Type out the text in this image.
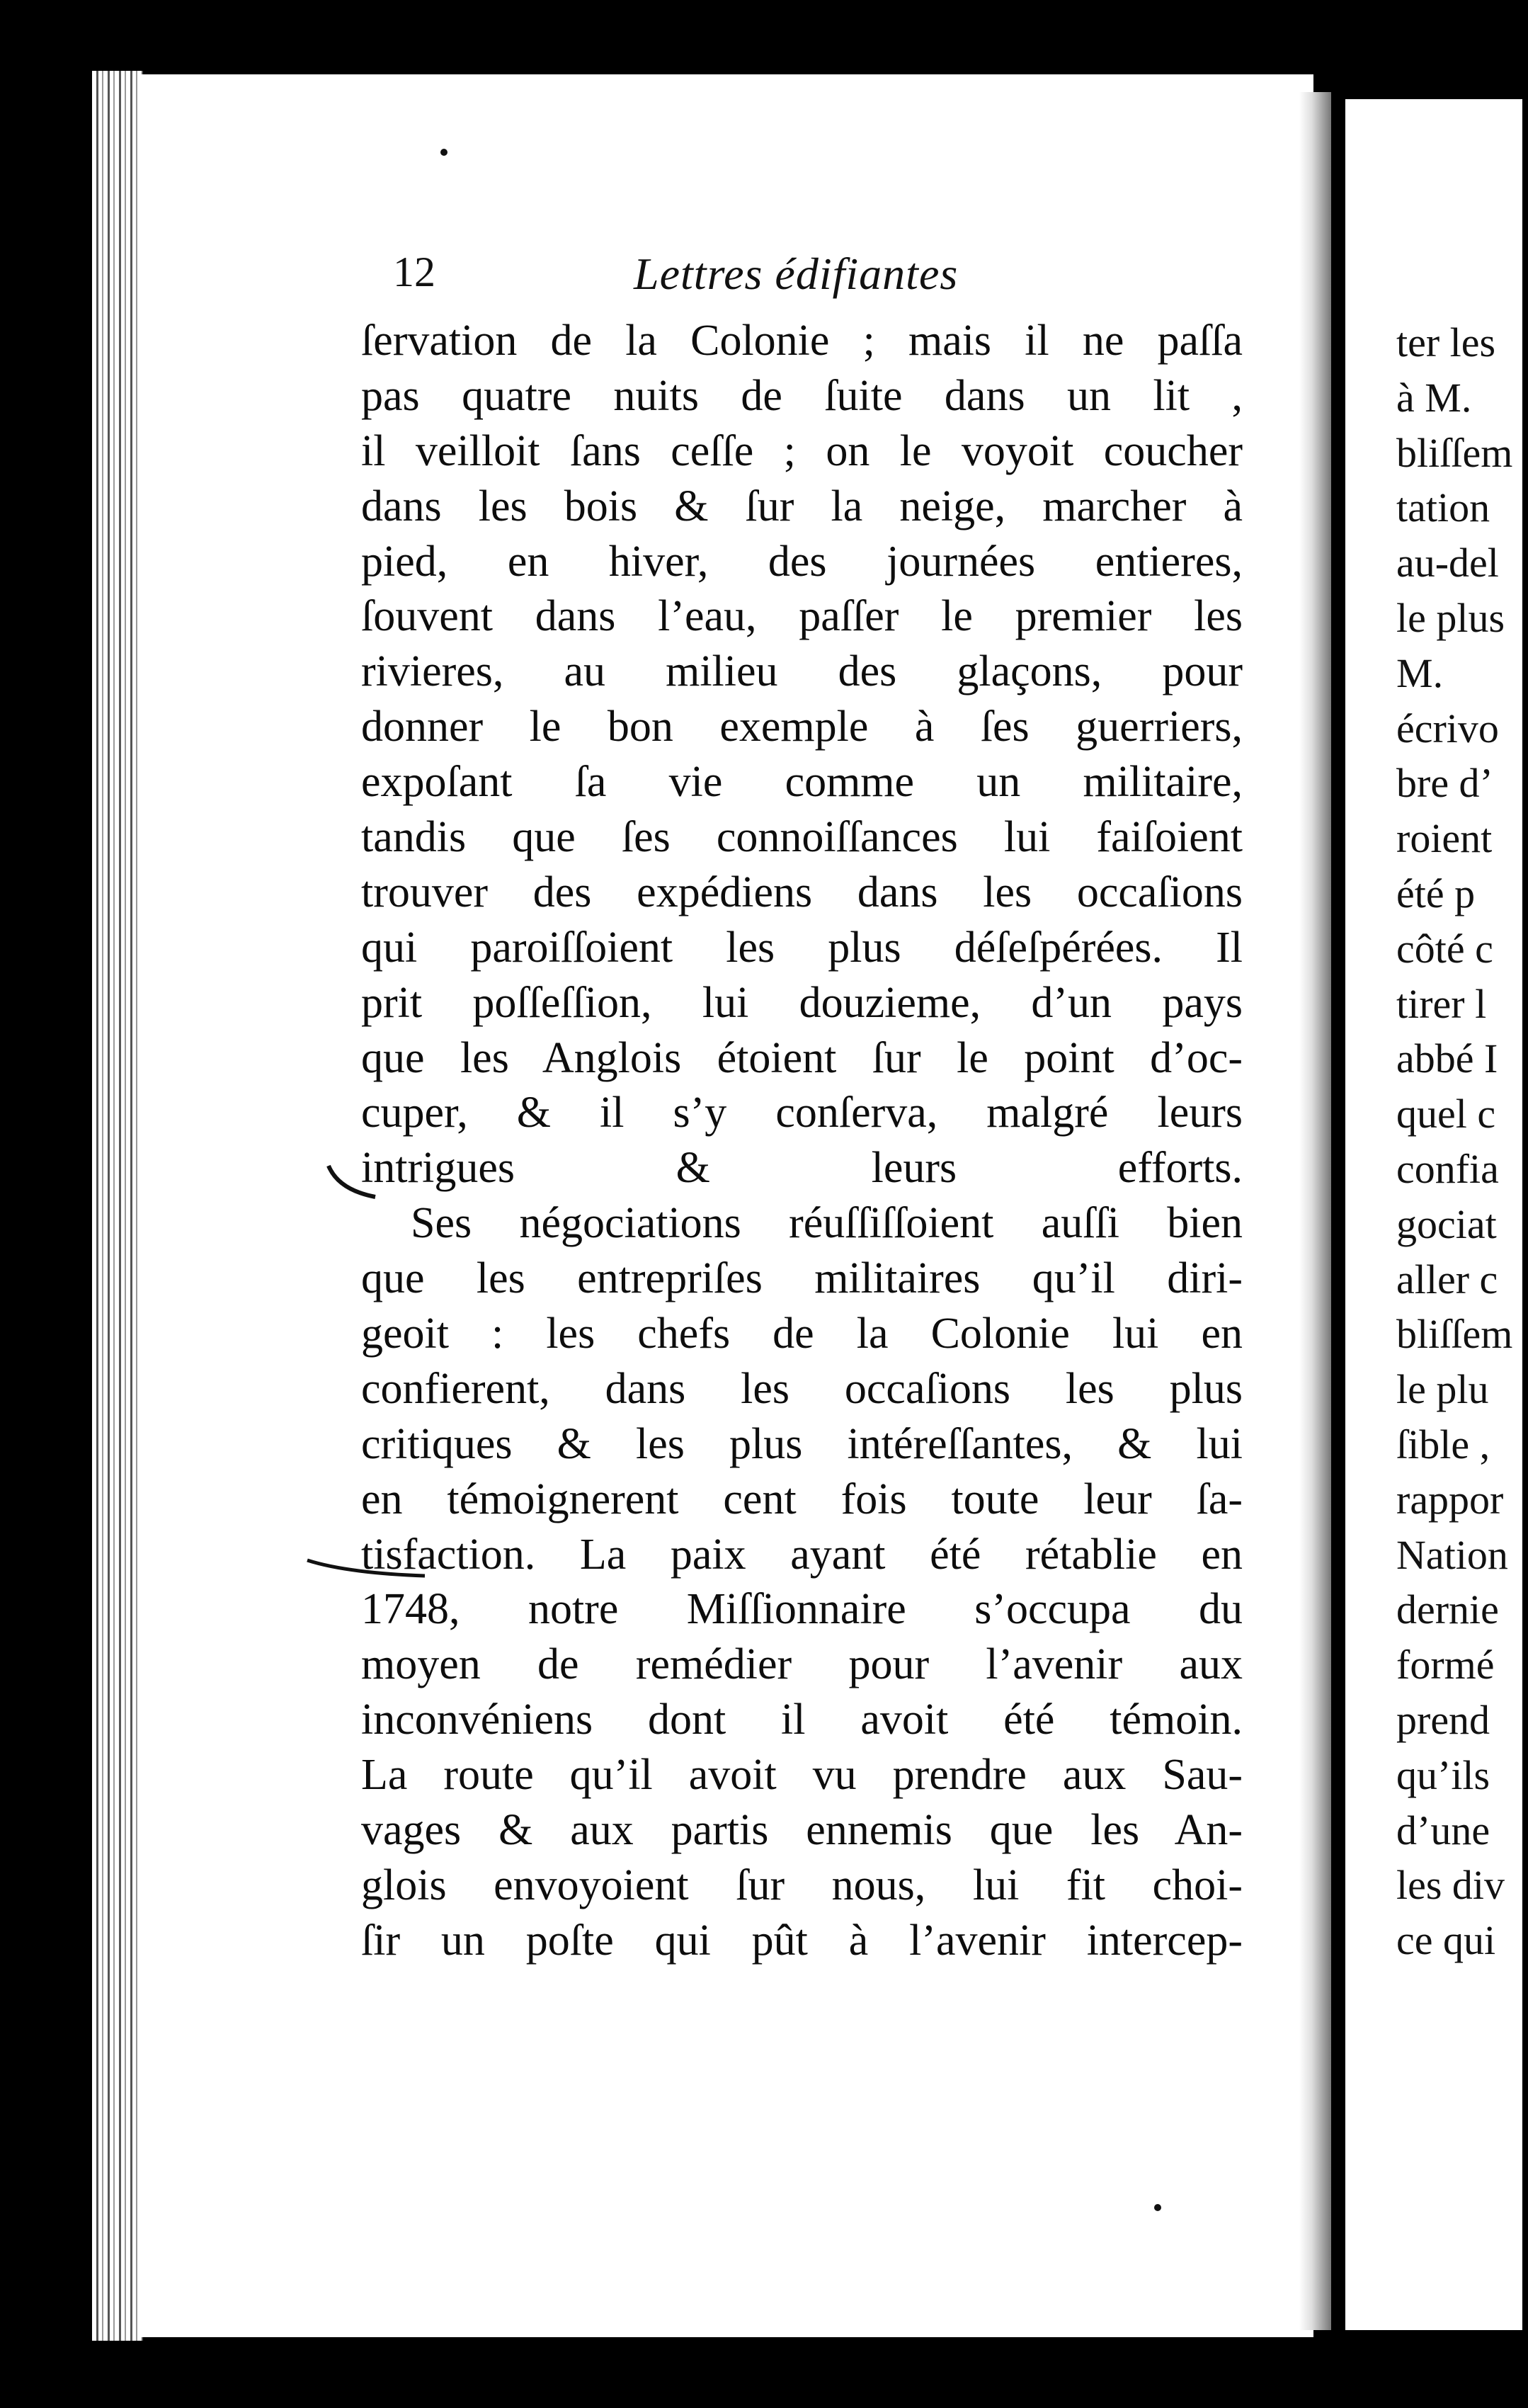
ter les
à M.
bliſſem
tation
au-del
le plus
M.
écrivo
bre d’
roient
été p
côté c
tirer l
abbé I
quel c
confia
gociat
aller c
bliſſem
le plu
ſible ,
rappor
Nation
dernie
formé
prend
qu’ils
d’une
les div
ce qui
12	Lettres édifiantes
ſervation de la Colonie ; mais il ne paſſa
pas quatre nuits de ſuite dans un lit ,
il veilloit ſans ceſſe ; on le voyoit coucher
dans les bois & ſur la neige, marcher à
pied, en hiver, des journées entieres,
ſouvent dans l’eau, paſſer le premier les
rivieres, au milieu des glaçons, pour
donner le bon exemple à ſes guerriers,
expoſant ſa vie comme un militaire,
tandis que ſes connoiſſances lui faiſoient
trouver des expédiens dans les occaſions
qui paroiſſoient les plus déſeſpérées. Il
prit poſſeſſion, lui douzieme, d’un pays
que les Anglois étoient ſur le point d’oc-
cuper, & il s’y conſerva, malgré leurs
intrigues & leurs efforts.
Ses négociations réuſſiſſoient auſſi bien
que les entrepriſes militaires qu’il diri-
geoit : les chefs de la Colonie lui en
confierent, dans les occaſions les plus
critiques & les plus intéreſſantes, & lui
en témoignerent cent fois toute leur ſa-
tisfaction. La paix ayant été rétablie en
1748, notre Miſſionnaire s’occupa du
moyen de remédier pour l’avenir aux
inconvéniens dont il avoit été témoin.
La route qu’il avoit vu prendre aux Sau-
vages & aux partis ennemis que les An-
glois envoyoient ſur nous, lui fit choi-
ſir un poſte qui pût à l’avenir intercep-
